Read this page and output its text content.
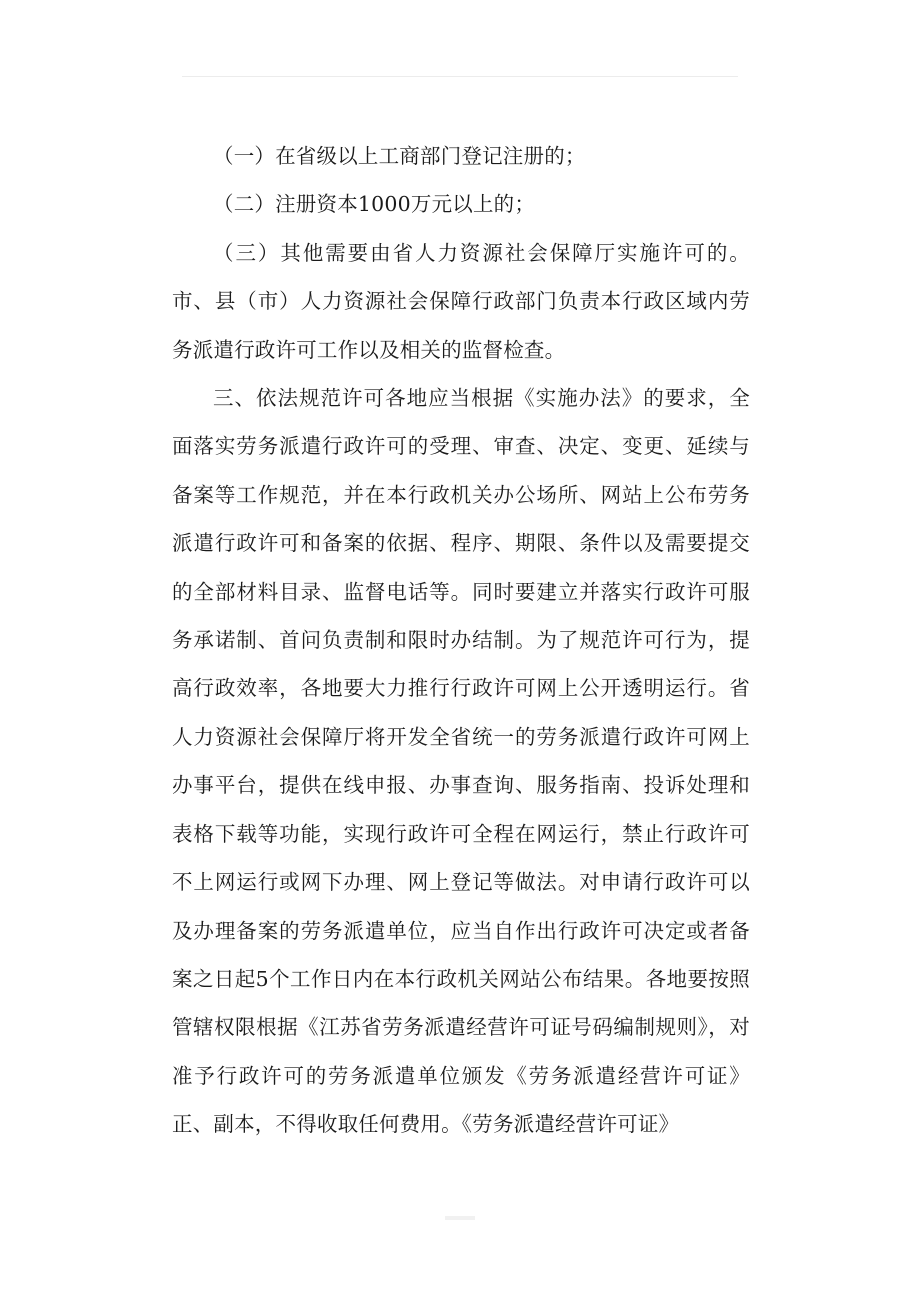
（一）在省级以上工商部门登记注册的；

（二）注册资本1000万元以上的；

（三）其他需要由省人力资源社会保障厅实施许可的。市、县（市）人力资源社会保障行政部门负责本行政区域内劳务派遣行政许可工作以及相关的监督检查。

三、依法规范许可各地应当根据《实施办法》的要求，全面落实劳务派遣行政许可的受理、审查、决定、变更、延续与备案等工作规范，并在本行政机关办公场所、网站上公布劳务派遣行政许可和备案的依据、程序、期限、条件以及需要提交的全部材料目录、监督电话等。同时要建立并落实行政许可服务承诺制、首问负责制和限时办结制。为了规范许可行为，提高行政效率，各地要大力推行行政许可网上公开透明运行。省人力资源社会保障厅将开发全省统一的劳务派遣行政许可网上办事平台，提供在线申报、办事查询、服务指南、投诉处理和表格下载等功能，实现行政许可全程在网运行，禁止行政许可不上网运行或网下办理、网上登记等做法。对申请行政许可以及办理备案的劳务派遣单位，应当自作出行政许可决定或者备案之日起5个工作日内在本行政机关网站公布结果。各地要按照管辖权限根据《江苏省劳务派遣经营许可证号码编制规则》，对准予行政许可的劳务派遣单位颁发《劳务派遣经营许可证》正、副本，不得收取任何费用。《劳务派遣经营许可证》
